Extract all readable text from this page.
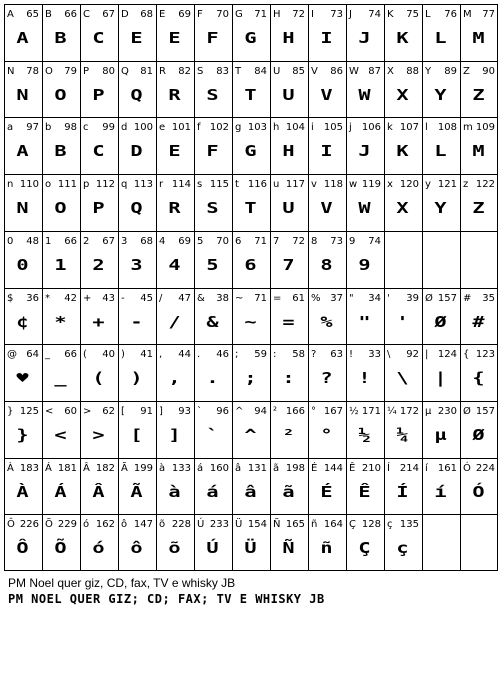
A 65
A
B 66
B
C 67
C
D 68
E
E 69
E
F 70
F
G 71
G
H 72
H
I 73
I
J 74
J
K 75
K
L 76
L
M 77
M
N 78
N
O 79
O
P 80
P
Q 81
Q
R 82
R
S 83
S
T 84
T
U 85
U
V 86
V
W 87
W
X 88
X
Y 89
Y
Z 90
Z
a 97
A
b 98
B
c 99
C
d 100
D
e 101
E
f 102
F
g 103
G
h 104
H
i 105
I
j 106
J
k 107
K
l 108
L
m 109
M
n 110
N
o 111
O
p 112
P
q 113
Q
r 114
R
s 115
S
t 116
T
u 117
U
v 118
V
w 119
W
x 120
X
y 121
Y
z 122
Z
0 48
0
1 66
1
2 67
2
3 68
3
4 69
4
5 70
5
6 71
6
7 72
7
8 73
8
9 74
9
$ 36
¢
* 42
*
+ 43
+
- 45
-
/ 47
/
& 38
&
~ 71
~
= 61
=
% 37
%
" 34
"
' 39
'
Ø 157
Ø
# 35
#
@ 64
♥
_ 66
_
( 40
(
) 41
)
, 44
,
. 46
.
; 59
;
: 58
:
? 63
?
! 33
!
\ 92
\
| 124
|
{ 123
{
} 125
}
< 60
<
> 62
>
[ 91
[
] 93
]
` 96
`
^ 94
^
² 166
²
° 167
°
½ 171
½
¼ 172
¼
µ 230
µ
Ø 157
Ø
À 183
À
Á 181
Á
Â 182
Â
Ã 199
Ã
à 133
à
á 160
á
â 131
â
ã 198
ã
É 144
É
Ê 210
Ê
Í 214
Í
í 161
í
Ó 224
Ó
Ô 226
Ô
Õ 229
Õ
ó 162
ó
ô 147
ô
õ 228
õ
Ú 233
Ú
Ü 154
Ü
Ñ 165
Ñ
ñ 164
ñ
Ç 128
Ç
ç 135
ç
PM Noel quer giz, CD, fax, TV e whisky JB
PM NOEL QUER GIZ; CD; FAX; TV E WHISKY JB
